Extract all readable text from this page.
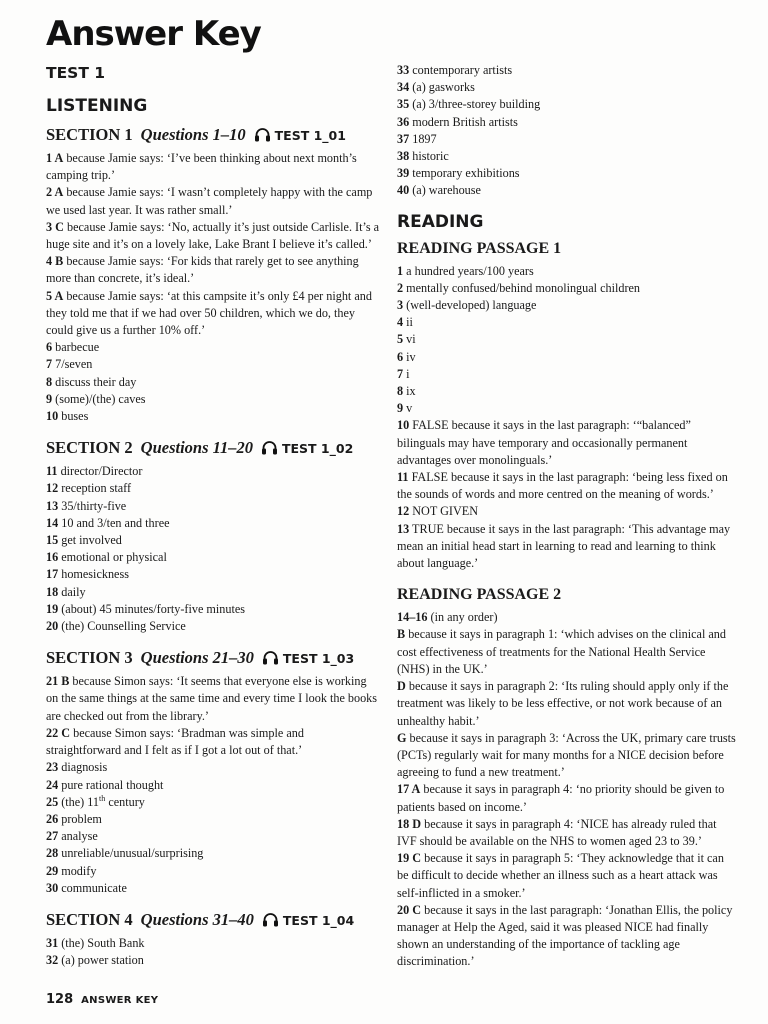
Answer Key
TEST 1
LISTENING
SECTION 1 Questions 1–10 TEST 1_01

1 A because Jamie says: ‘I’ve been thinking about next month’s camping trip.’

2 A because Jamie says: ‘I wasn’t completely happy with the camp we used last year. It was rather small.’

3 C because Jamie says: ‘No, actually it’s just outside Carlisle. It’s a huge site and it’s on a lovely lake, Lake Brant I believe it’s called.’

4 B because Jamie says: ‘For kids that rarely get to see anything more than concrete, it’s ideal.’

5 A because Jamie says: ‘at this campsite it’s only £4 per night and they told me that if we had over 50 children, which we do, they could give us a further 10% off.’

6 barbecue

7 7/seven

8 discuss their day

9 (some)/(the) caves

10 buses

SECTION 2 Questions 11–20 TEST 1_02

11 director/Director

12 reception staff

13 35/thirty-five

14 10 and 3/ten and three

15 get involved

16 emotional or physical

17 homesickness

18 daily

19 (about) 45 minutes/forty-five minutes

20 (the) Counselling Service

SECTION 3 Questions 21–30 TEST 1_03

21 B because Simon says: ‘It seems that everyone else is working on the same things at the same time and every time I look the books are checked out from the library.’

22 C because Simon says: ‘Bradman was simple and straightforward and I felt as if I got a lot out of that.’

23 diagnosis

24 pure rational thought

25 (the) 11th century

26 problem

27 analyse

28 unreliable/unusual/surprising

29 modify

30 communicate

SECTION 4 Questions 31–40 TEST 1_04

31 (the) South Bank

32 (a) power station

33 contemporary artists

34 (a) gasworks

35 (a) 3/three-storey building

36 modern British artists

37 1897

38 historic

39 temporary exhibitions

40 (a) warehouse

READING
READING PASSAGE 1

1 a hundred years/100 years

2 mentally confused/behind monolingual children

3 (well-developed) language

4 ii

5 vi

6 iv

7 i

8 ix

9 v

10 FALSE because it says in the last paragraph: ‘“balanced” bilinguals may have temporary and occasionally permanent advantages over monolinguals.’

11 FALSE because it says in the last paragraph: ‘being less fixed on the sounds of words and more centred on the meaning of words.’

12 NOT GIVEN

13 TRUE because it says in the last paragraph: ‘This advantage may mean an initial head start in learning to read and learning to think about language.’

READING PASSAGE 2

14–16 (in any order)

B because it says in paragraph 1: ‘which advises on the clinical and cost effectiveness of treatments for the National Health Service (NHS) in the UK.’

D because it says in paragraph 2: ‘Its ruling should apply only if the treatment was likely to be less effective, or not work because of an unhealthy habit.’

G because it says in paragraph 3: ‘Across the UK, primary care trusts (PCTs) regularly wait for many months for a NICE decision before agreeing to fund a new treatment.’

17 A because it says in paragraph 4: ‘no priority should be given to patients based on income.’

18 D because it says in paragraph 4: ‘NICE has already ruled that IVF should be available on the NHS to women aged 23 to 39.’

19 C because it says in paragraph 5: ‘They acknowledge that it can be difficult to decide whether an illness such as a heart attack was self-inflicted in a smoker.’

20 C because it says in the last paragraph: ‘Jonathan Ellis, the policy manager at Help the Aged, said it was pleased NICE had finally shown an understanding of the importance of tackling age discrimination.’

128 ANSWER KEY
